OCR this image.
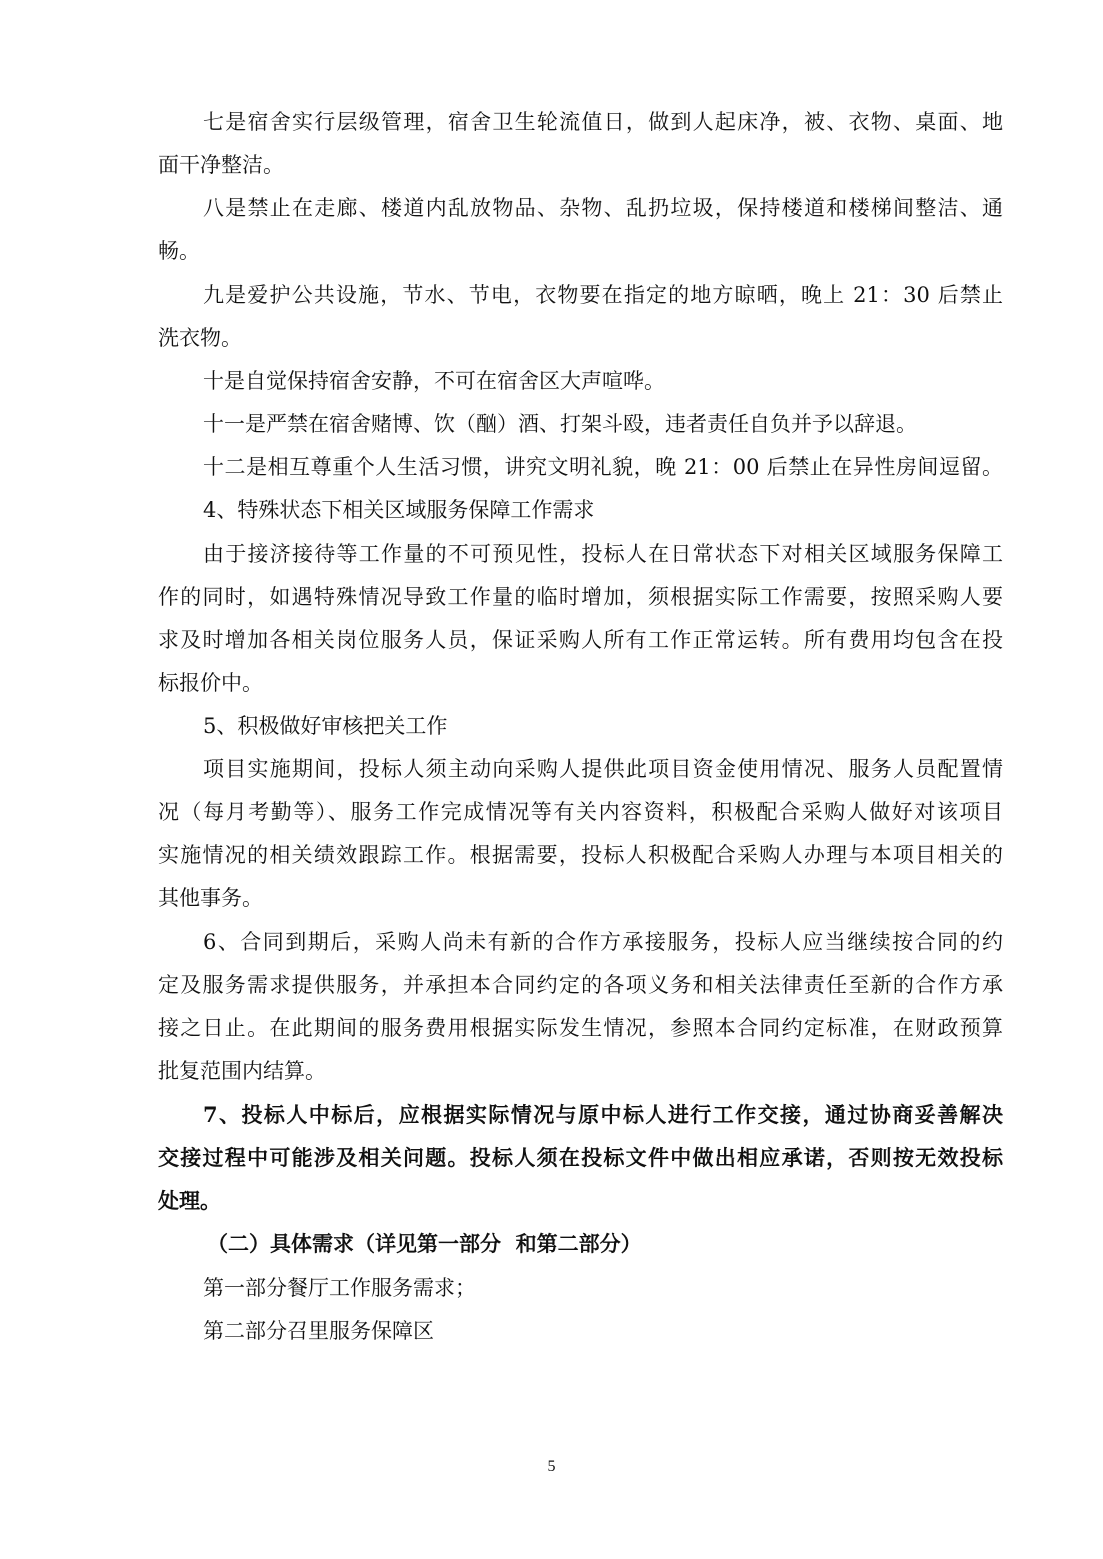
七是宿舍实行层级管理，宿舍卫生轮流值日，做到人起床净，被、衣物、桌面、地
面干净整洁。
八是禁止在走廊、楼道内乱放物品、杂物、乱扔垃圾，保持楼道和楼梯间整洁、通
畅。
九是爱护公共设施，节水、节电，衣物要在指定的地方晾晒，晚上 21：30 后禁止
洗衣物。
十是自觉保持宿舍安静，不可在宿舍区大声喧哗。
十一是严禁在宿舍赌博、饮（酗）酒、打架斗殴，违者责任自负并予以辞退。
十二是相互尊重个人生活习惯，讲究文明礼貌，晚 21：00 后禁止在异性房间逗留。
4、特殊状态下相关区域服务保障工作需求
由于接济接待等工作量的不可预见性，投标人在日常状态下对相关区域服务保障工
作的同时，如遇特殊情况导致工作量的临时增加，须根据实际工作需要，按照采购人要
求及时增加各相关岗位服务人员，保证采购人所有工作正常运转。所有费用均包含在投
标报价中。
5、积极做好审核把关工作
项目实施期间，投标人须主动向采购人提供此项目资金使用情况、服务人员配置情
况（每月考勤等）、服务工作完成情况等有关内容资料，积极配合采购人做好对该项目
实施情况的相关绩效跟踪工作。根据需要，投标人积极配合采购人办理与本项目相关的
其他事务。
6、合同到期后，采购人尚未有新的合作方承接服务，投标人应当继续按合同的约
定及服务需求提供服务，并承担本合同约定的各项义务和相关法律责任至新的合作方承
接之日止。在此期间的服务费用根据实际发生情况，参照本合同约定标准，在财政预算
批复范围内结算。
7、投标人中标后，应根据实际情况与原中标人进行工作交接，通过协商妥善解决
交接过程中可能涉及相关问题。投标人须在投标文件中做出相应承诺，否则按无效投标
处理。
（二）具体需求（详见第一部分  和第二部分）
第一部分餐厅工作服务需求；
第二部分召里服务保障区
5
